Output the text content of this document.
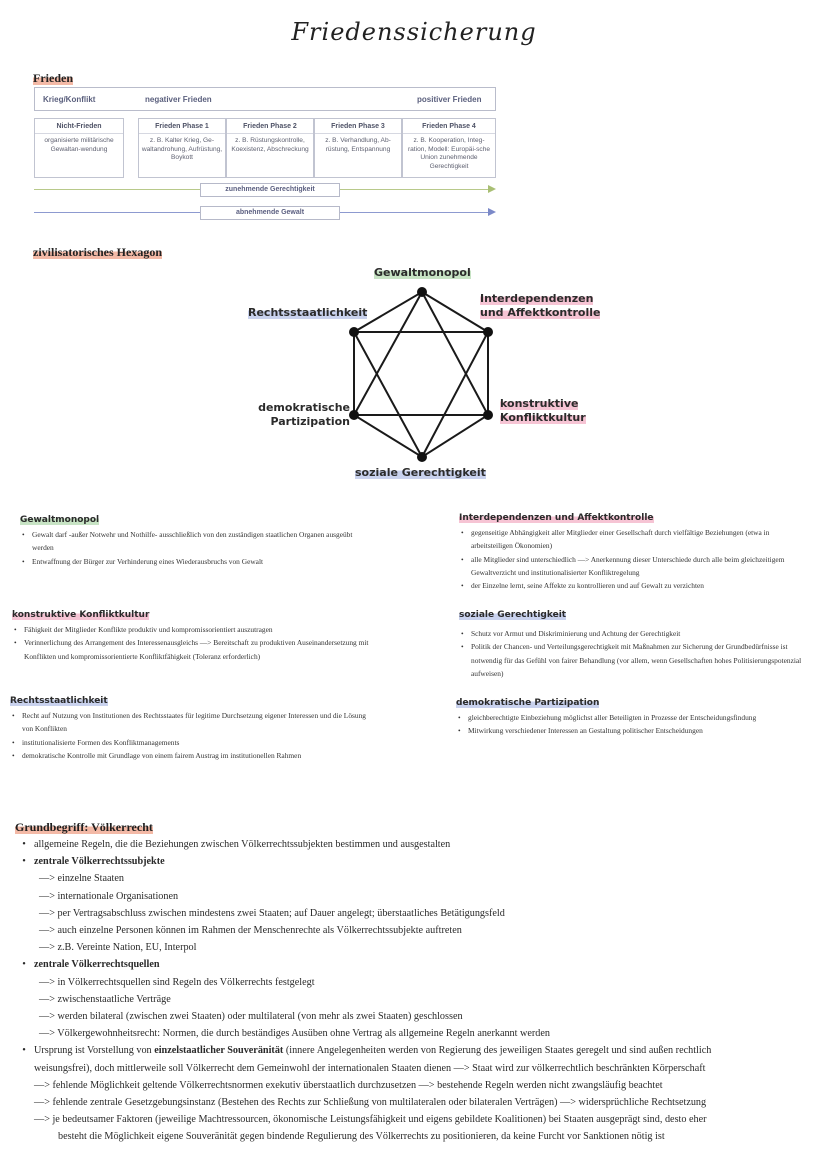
Friedenssicherung
Frieden
Krieg/Konflikt	negativer Frieden	positiver Frieden
Nicht-Frieden
organisierte militärische Gewaltan-wendung
Frieden Phase 1
z. B. Kalter Krieg, Ge-waltandrohung, Aufrüstung, Boykott
Frieden Phase 2
z. B. Rüstungskontrolle, Koexistenz, Abschreckung
Frieden Phase 3
z. B. Verhandlung, Ab-rüstung, Entspannung
Frieden Phase 4
z. B. Kooperation, Integ-ration, Modell: Europäi-sche Union zunehmende Gerechtigkeit
zunehmende Gerechtigkeit
abnehmende Gewalt
zivilisatorisches Hexagon
Gewaltmonopol
Interdependenzen und Affektkontrolle
Rechtsstaatlichkeit
demokratische Partizipation
konstruktive Konfliktkultur
soziale Gerechtigkeit
Gewaltmonopol
• Gewalt darf -außer Notwehr und Nothilfe- ausschließlich von den zuständigen staatlichen Organen ausgeübt werden
• Entwaffnung der Bürger zur Verhinderung eines Wiederausbruchs von Gewalt
Interdependenzen und Affektkontrolle
• gegenseitige Abhängigkeit aller Mitglieder einer Gesellschaft durch vielfältige Beziehungen (etwa in arbeitsteiligen Ökonomien)
• alle Mitglieder sind unterschiedlich —> Anerkennung dieser Unterschiede durch alle beim gleichzeitigem Gewaltverzicht und institutionalisierter Konfliktregelung
• der Einzelne lernt, seine Affekte zu kontrollieren und auf Gewalt zu verzichten
konstruktive Konfliktkultur
• Fähigkeit der Mitglieder Konflikte produktiv und kompromissorientiert auszutragen
• Verinnerlichung des Arrangement des Interessenausgleichs —> Bereitschaft zu produktiven Auseinandersetzung mit Konflikten und kompromissorientierte Konfliktfähigkeit (Toleranz erforderlich)
soziale Gerechtigkeit
• Schutz vor Armut und Diskriminierung und Achtung der Gerechtigkeit
• Politik der Chancen- und Verteilungsgerechtigkeit mit Maßnahmen zur Sicherung der Grundbedürfnisse ist notwendig für das Gefühl von fairer Behandlung (vor allem, wenn Gesellschaften hohes Politisierungspotenzial aufweisen)
Rechtsstaatlichkeit
• Recht auf Nutzung von Institutionen des Rechtsstaates für legitime Durchsetzung eigener Interessen und die Lösung von Konflikten
• institutionalisierte Formen des Konfliktmanagements
• demokratische Kontrolle mit Grundlage von einem fairem Austrag im institutionellen Rahmen
demokratische Partizipation
• gleichberechtigte Einbeziehung möglichst aller Beteiligten in Prozesse der Entscheidungsfindung
• Mitwirkung verschiedener Interessen an Gestaltung politischer Entscheidungen
Grundbegriff: Völkerrecht
• allgemeine Regeln, die die Beziehungen zwischen Völkerrechtssubjekten bestimmen und ausgestalten
• zentrale Völkerrechtssubjekte
—> einzelne Staaten
—> internationale Organisationen
—> per Vertragsabschluss zwischen mindestens zwei Staaten; auf Dauer angelegt; überstaatliches Betätigungsfeld
—> auch einzelne Personen können im Rahmen der Menschenrechte als Völkerrechtssubjekte auftreten
—> z.B. Vereinte Nation, EU, Interpol
• zentrale Völkerrechtsquellen
—> in Völkerrechtsquellen sind Regeln des Völkerrechts festgelegt
—> zwischenstaatliche Verträge
—> werden bilateral (zwischen zwei Staaten) oder multilateral (von mehr als zwei Staaten) geschlossen
—> Völkergewohnheitsrecht: Normen, die durch beständiges Ausüben ohne Vertrag als allgemeine Regeln anerkannt werden
• Ursprung ist Vorstellung von einzelstaatlicher Souveränität (innere Angelegenheiten werden von Regierung des jeweiligen Staates geregelt und sind außen rechtlich
weisungsfrei), doch mittlerweile soll Völkerrecht dem Gemeinwohl der internationalen Staaten dienen —> Staat wird zur völkerrechtlich beschränkten Körperschaft
—> fehlende Möglichkeit geltende Völkerrechtsnormen exekutiv überstaatlich durchzusetzen —> bestehende Regeln werden nicht zwangsläufig beachtet
—> fehlende zentrale Gesetzgebungsinstanz (Bestehen des Rechts zur Schließung von multilateralen oder bilateralen Verträgen) —> widersprüchliche Rechtsetzung
—> je bedeutsamer Faktoren (jeweilige Machtressourcen, ökonomische Leistungsfähigkeit und eigens gebildete Koalitionen) bei Staaten ausgeprägt sind, desto eher
besteht die Möglichkeit eigene Souveränität gegen bindende Regulierung des Völkerrechts zu positionieren, da keine Furcht vor Sanktionen nötig ist
